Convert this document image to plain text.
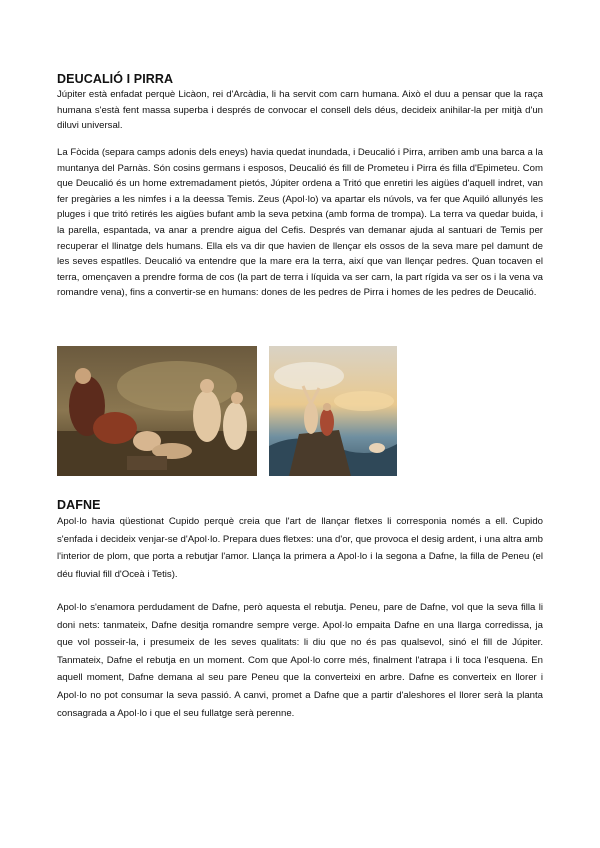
DEUCALIÓ I PIRRA

Júpiter està enfadat perquè Licàon, rei d'Arcàdia, li ha servit com carn humana. Això el duu a pensar que la raça humana s'està fent massa superba i després de convocar el consell dels déus, decideix anihilar-la per mitjà d'un diluvi universal.

La Fòcida (separa camps adonis dels eneys) havia quedat inundada, i Deucalió i Pirra, arriben amb una barca a la muntanya del Parnàs. Són cosins germans i esposos, Deucalió és fill de Prometeu i Pirra és filla d'Epimeteu. Com que Deucalió és un home extremadament pietós, Júpiter ordena a Tritó que enretiri les aigües d'aquell indret, van fer pregàries a les nimfes i a la deessa Temis. Zeus (Apol·lo) va apartar els núvols, va fer que Aquiló allunyés les pluges i que tritó retirés les aigües bufant amb la seva petxina (amb forma de trompa). La terra va quedar buida, i la parella, espantada, va anar a prendre aigua del Cefis. Després van demanar ajuda al santuari de Temis per recuperar el llinatge dels humans. Ella els va dir que havien de llençar els ossos de la seva mare pel damunt de les seves espatlles. Deucalió va entendre que la mare era la terra, així que van llençar pedres. Quan tocaven el terra, omençaven a prendre forma de cos (la part de terra i líquida va ser carn, la part rígida va ser os i la vena va romandre vena), fins a convertir-se en humans: dones de les pedres de Pirra i homes de les pedres de Deucalió.

DAFNE

Apol·lo havia qüestionat Cupido perquè creia que l'art de llançar fletxes li corresponia només a ell. Cupido s'enfada i decideix venjar-se d'Apol·lo. Prepara dues fletxes: una d'or, que provoca el desig ardent, i una altra amb l'interior de plom, que porta a rebutjar l'amor. Llança la primera a Apol·lo i la segona a Dafne, la filla de Peneu (el déu fluvial fill d'Oceà i Tetis).

Apol·lo s'enamora perdudament de Dafne, però aquesta el rebutja. Peneu, pare de Dafne, vol que la seva filla li doni nets: tanmateix, Dafne desitja romandre sempre verge. Apol·lo empaita Dafne en una llarga corredissa, ja que vol posseir-la, i presumeix de les seves qualitats: li diu que no és pas qualsevol, sinó el fill de Júpiter. Tanmateix, Dafne el rebutja en un moment. Com que Apol·lo corre més, finalment l'atrapa i li toca l'esquena. En aquell moment, Dafne demana al seu pare Peneu que la converteixi en arbre. Dafne es converteix en llorer i Apol·lo no pot consumar la seva passió. A canvi, promet a Dafne que a partir d'aleshores el llorer serà la planta consagrada a Apol·lo i que el seu fullatge serà perenne.
